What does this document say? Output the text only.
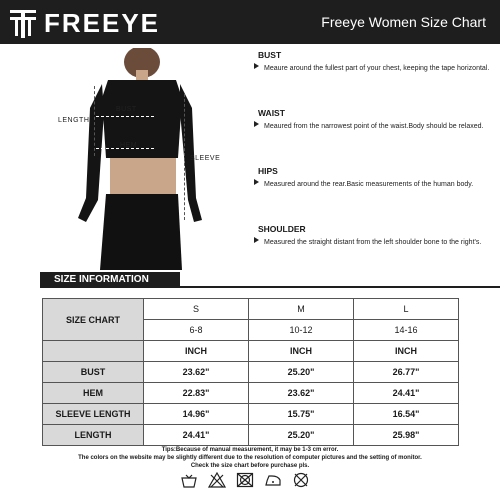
FREEYE	Freeye Women Size Chart
BUST
HEM
LENGTH
SLEEVE
BUST
Meaure around the fullest part of your chest, keeping the tape horizontal.
WAIST
Meaured from the narrowest point of the waist.Body should be relaxed.
HIPS
Measured around the rear.Basic measurements of the human body.
SHOULDER
Measured the straight distant from the left shoulder bone to the right's.
SIZE INFORMATION
SIZE CHART	S	M	L
	6-8	10-12	14-16
	INCH	INCH	INCH
BUST	23.62"	25.20"	26.77"
HEM	22.83"	23.62"	24.41"
SLEEVE LENGTH	14.96"	15.75"	16.54"
LENGTH	24.41"	25.20"	25.98"
Tips:Because of manual measurement, it may be 1-3 cm error.
The colors on the website may be slightly different due to the resolution of computer pictures and the setting of monitor.
Check the size chart before purchase pls.
